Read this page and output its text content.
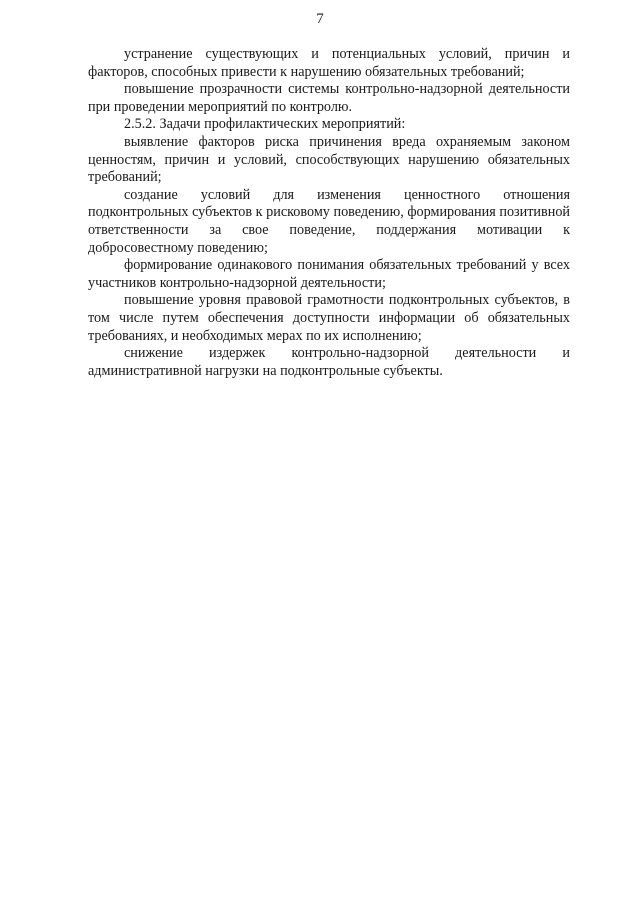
7

устранение существующих и потенциальных условий, причин и факторов, способных привести к нарушению обязательных требований;

повышение прозрачности системы контрольно-надзорной деятельности при проведении мероприятий по контролю.

2.5.2. Задачи профилактических мероприятий:

выявление факторов риска причинения вреда охраняемым законом ценностям, причин и условий, способствующих нарушению обязательных требований;

создание условий для изменения ценностного отношения подконтрольных субъектов к рисковому поведению, формирования позитивной ответственности за свое поведение, поддержания мотивации к добросовестному поведению;

формирование одинакового понимания обязательных требований у всех участников контрольно-надзорной деятельности;

повышение уровня правовой грамотности подконтрольных субъектов, в том числе путем обеспечения доступности информации об обязательных требованиях, и необходимых мерах по их исполнению;

снижение издержек контрольно-надзорной деятельности и административной нагрузки на подконтрольные субъекты.
